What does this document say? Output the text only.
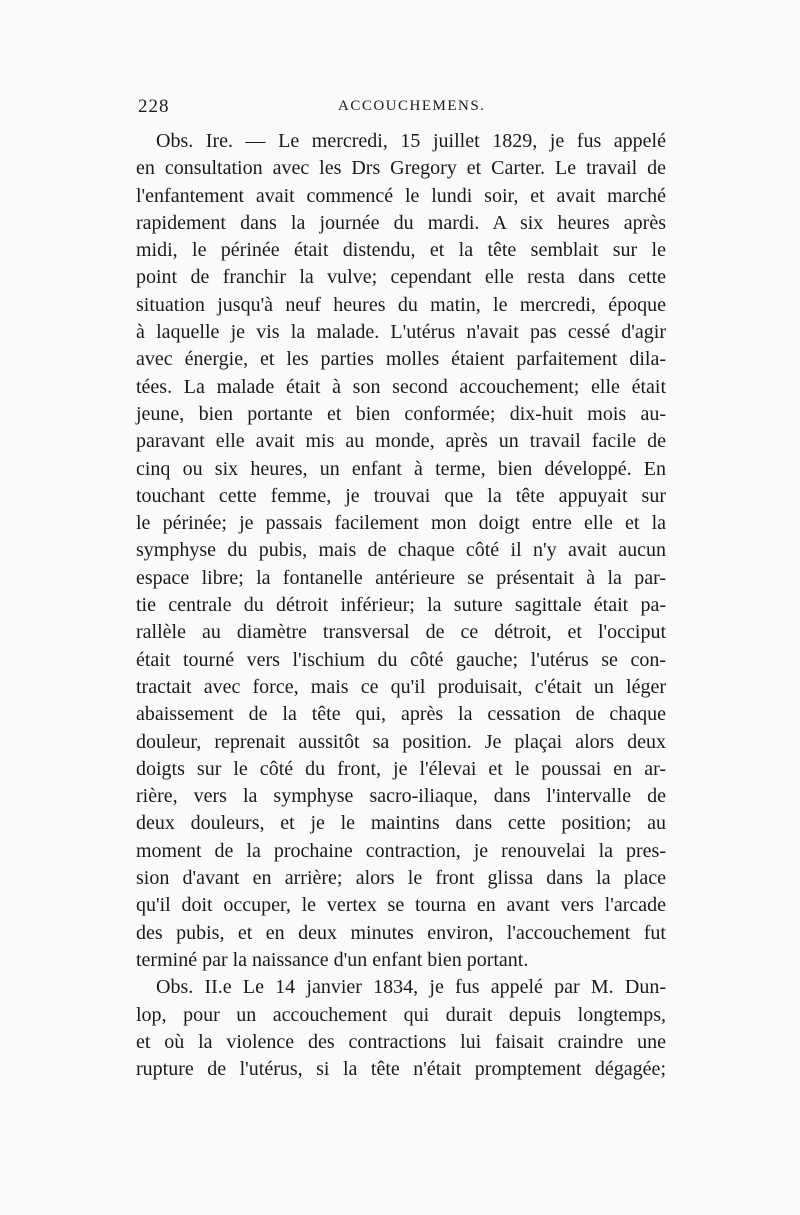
228	ACCOUCHEMENS.
Obs. Ire. — Le mercredi, 15 juillet 1829, je fus appelé
en consultation avec les Drs Gregory et Carter. Le travail de
l'enfantement avait commencé le lundi soir, et avait marché
rapidement dans la journée du mardi. A six heures après
midi, le périnée était distendu, et la tête semblait sur le
point de franchir la vulve; cependant elle resta dans cette
situation jusqu'à neuf heures du matin, le mercredi, époque
à laquelle je vis la malade. L'utérus n'avait pas cessé d'agir
avec énergie, et les parties molles étaient parfaitement dila-
tées. La malade était à son second accouchement; elle était
jeune, bien portante et bien conformée; dix-huit mois au-
paravant elle avait mis au monde, après un travail facile de
cinq ou six heures, un enfant à terme, bien développé. En
touchant cette femme, je trouvai que la tête appuyait sur
le périnée; je passais facilement mon doigt entre elle et la
symphyse du pubis, mais de chaque côté il n'y avait aucun
espace libre; la fontanelle antérieure se présentait à la par-
tie centrale du détroit inférieur; la suture sagittale était pa-
rallèle au diamètre transversal de ce détroit, et l'occiput
était tourné vers l'ischium du côté gauche; l'utérus se con-
tractait avec force, mais ce qu'il produisait, c'était un léger
abaissement de la tête qui, après la cessation de chaque
douleur, reprenait aussitôt sa position. Je plaçai alors deux
doigts sur le côté du front, je l'élevai et le poussai en ar-
rière, vers la symphyse sacro-iliaque, dans l'intervalle de
deux douleurs, et je le maintins dans cette position; au
moment de la prochaine contraction, je renouvelai la pres-
sion d'avant en arrière; alors le front glissa dans la place
qu'il doit occuper, le vertex se tourna en avant vers l'arcade
des pubis, et en deux minutes environ, l'accouchement fut
terminé par la naissance d'un enfant bien portant.
Obs. II.e Le 14 janvier 1834, je fus appelé par M. Dun-
lop, pour un accouchement qui durait depuis longtemps,
et où la violence des contractions lui faisait craindre une
rupture de l'utérus, si la tête n'était promptement dégagée;
